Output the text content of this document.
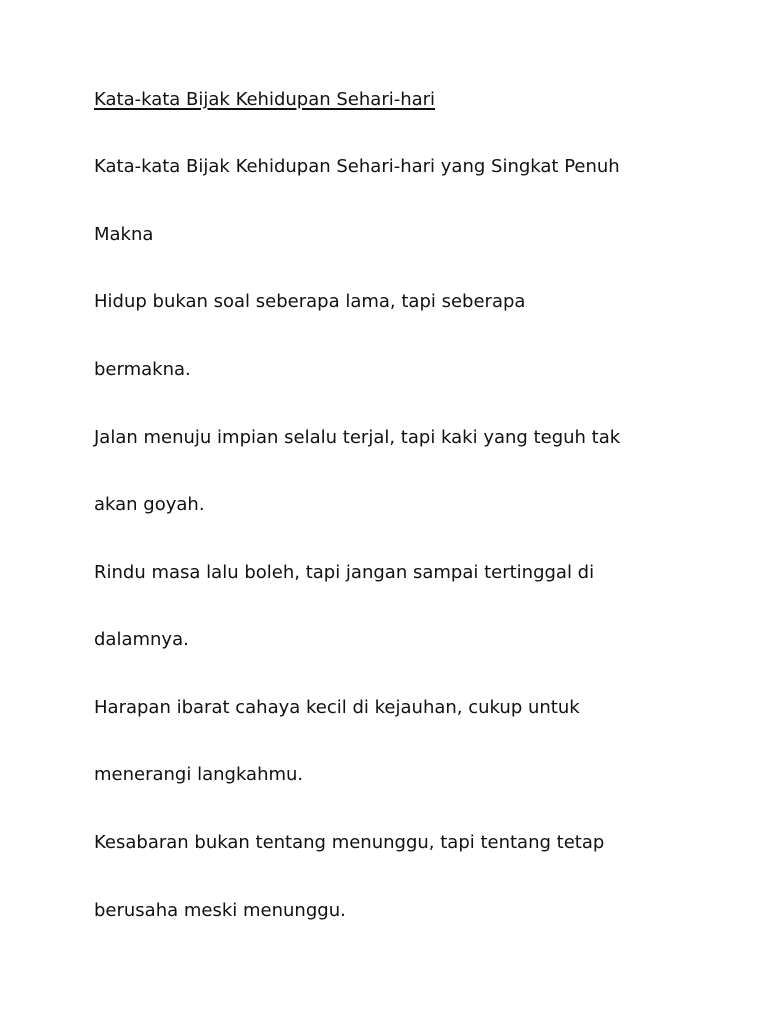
Kata-kata Bijak Kehidupan Sehari-hari

Kata-kata Bijak Kehidupan Sehari-hari yang Singkat Penuh

Makna

Hidup bukan soal seberapa lama, tapi seberapa

bermakna.

Jalan menuju impian selalu terjal, tapi kaki yang teguh tak

akan goyah.

Rindu masa lalu boleh, tapi jangan sampai tertinggal di

dalamnya.

Harapan ibarat cahaya kecil di kejauhan, cukup untuk

menerangi langkahmu.

Kesabaran bukan tentang menunggu, tapi tentang tetap

berusaha meski menunggu.
